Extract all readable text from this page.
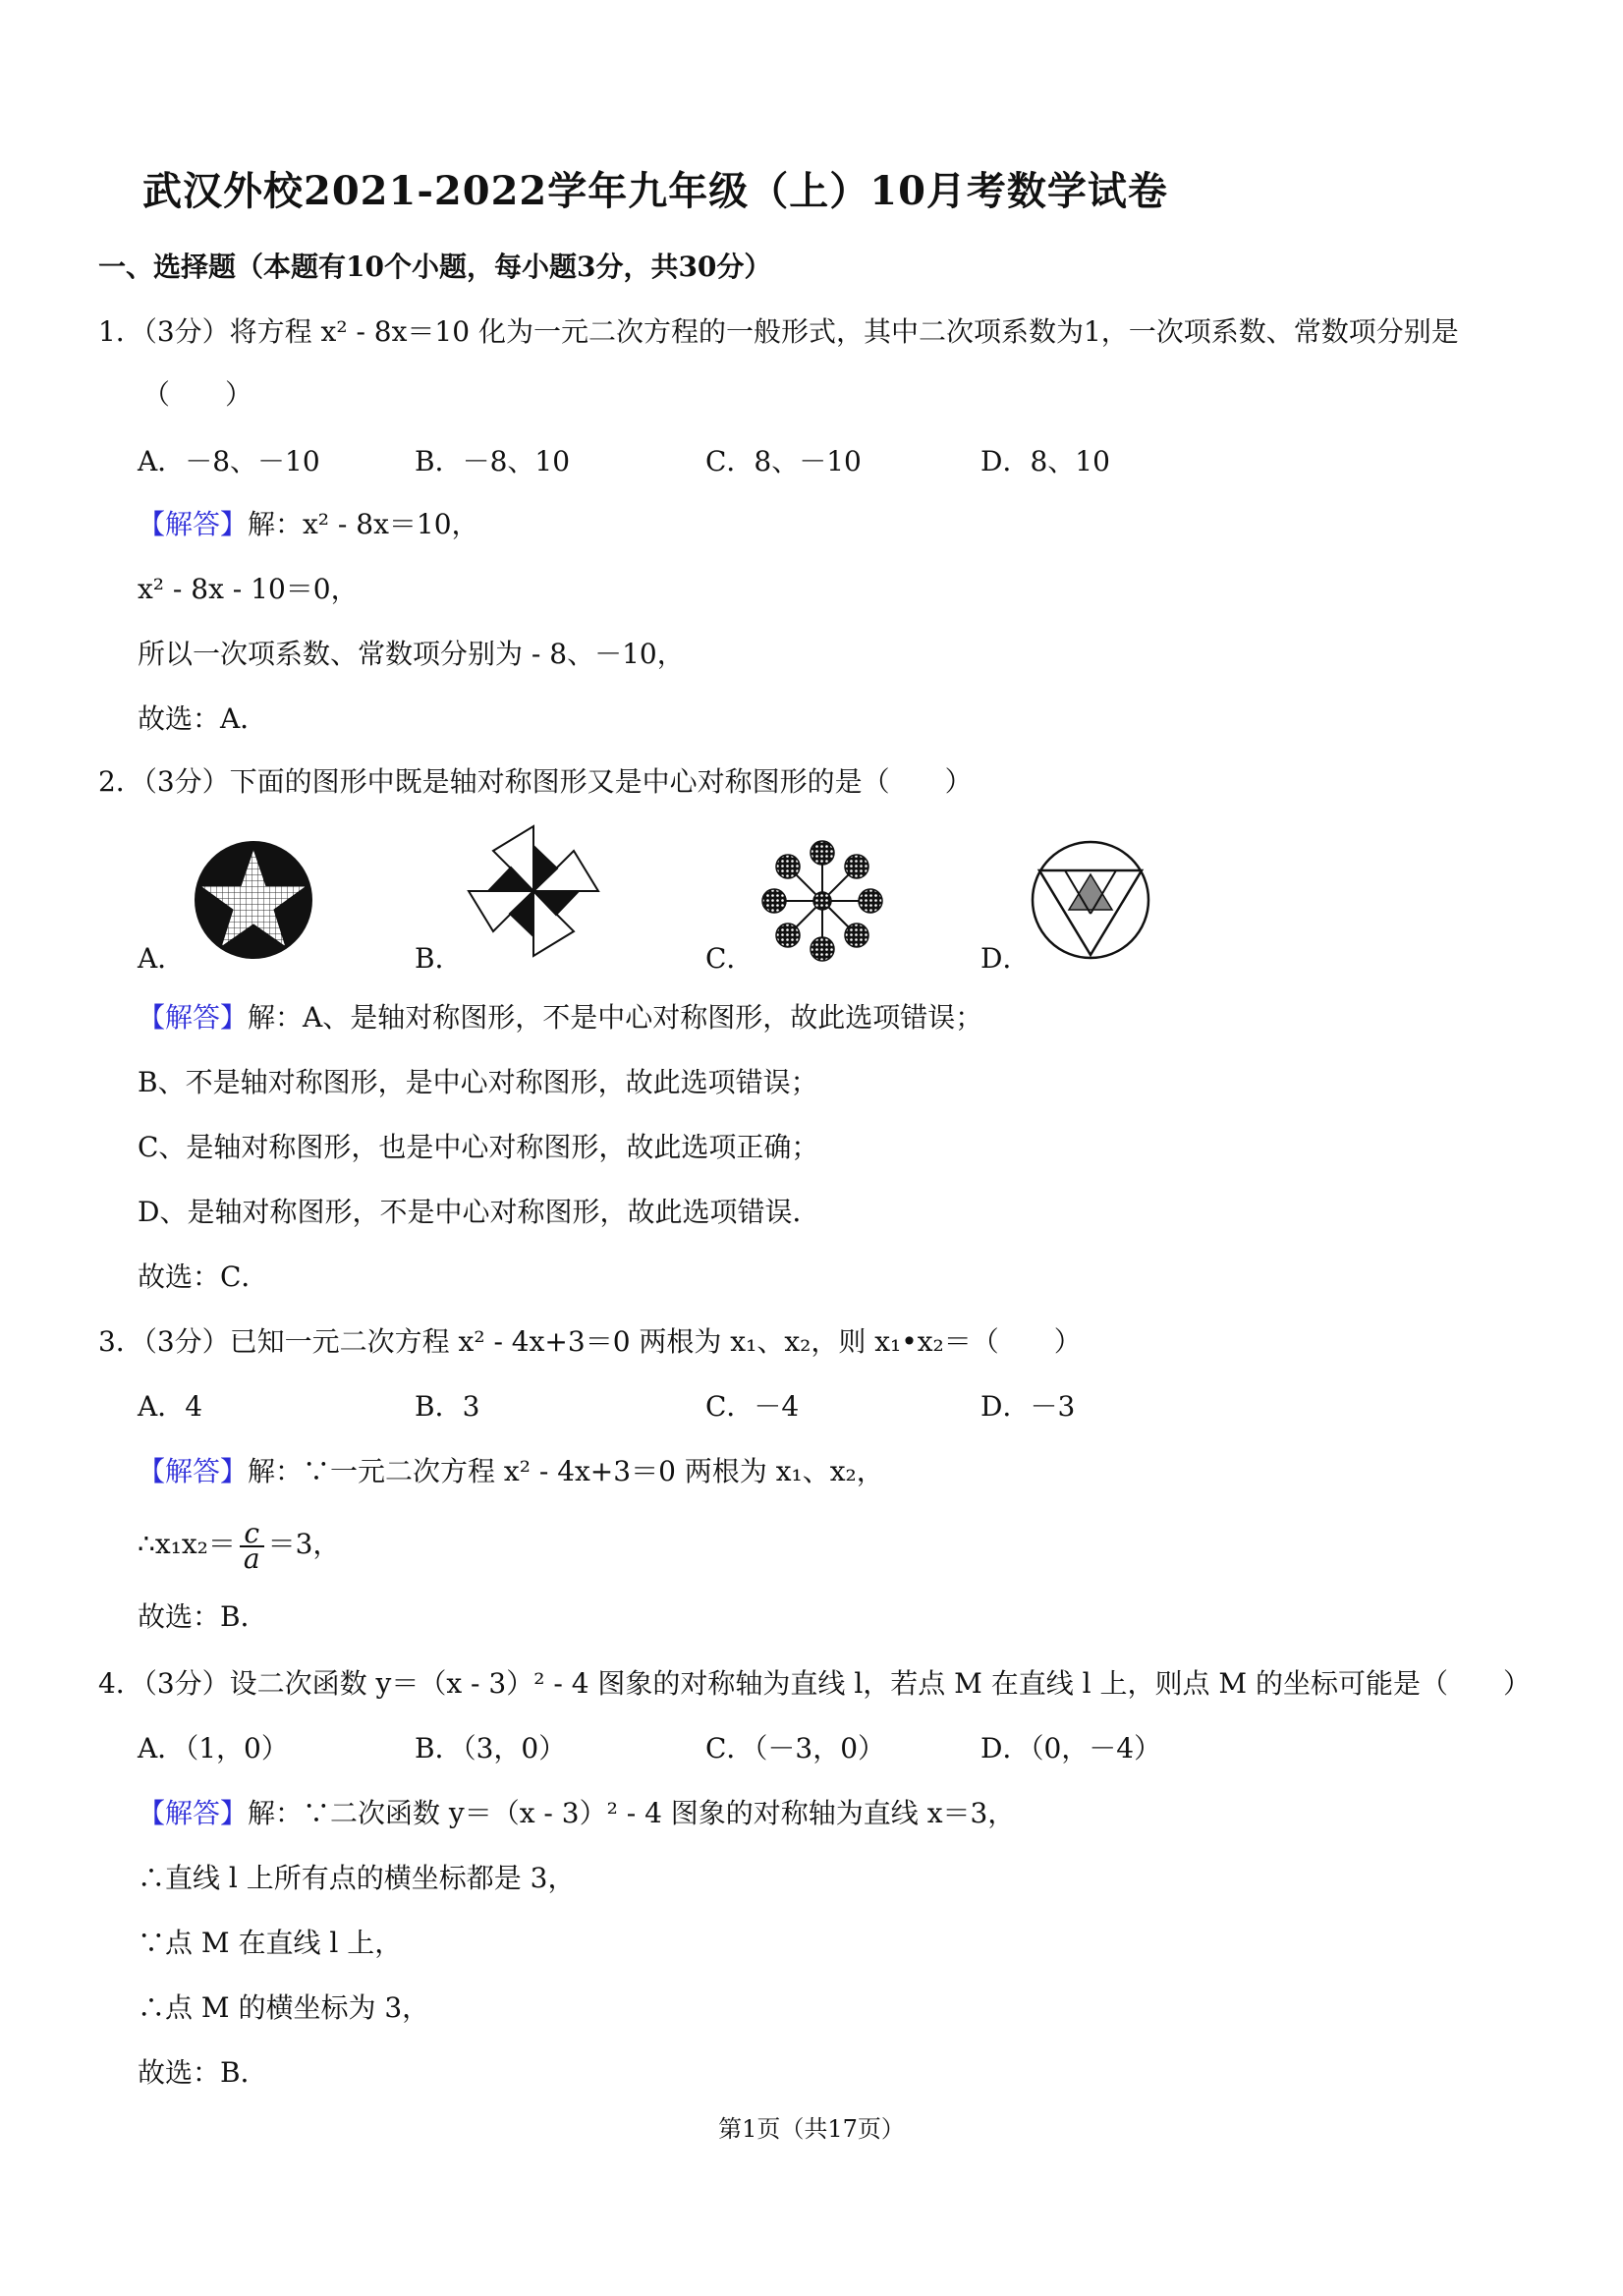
武汉外校2021-2022学年九年级（上）10月考数学试卷
一、选择题（本题有10个小题，每小题3分，共30分）
1．（3分）将方程 x² - 8x＝10 化为一元二次方程的一般形式，其中二次项系数为1，一次项系数、常数项分别是
（　　）
A．－8、－10	B．－8、10	C．8、－10	D．8、10
【解答】解：x² - 8x＝10，
x² - 8x - 10＝0，
所以一次项系数、常数项分别为 - 8、－10，
故选：A．
2．（3分）下面的图形中既是轴对称图形又是中心对称图形的是（　　）
A．	B．	C．	D．
【解答】解：A、是轴对称图形，不是中心对称图形，故此选项错误；
B、不是轴对称图形，是中心对称图形，故此选项错误；
C、是轴对称图形，也是中心对称图形，故此选项正确；
D、是轴对称图形，不是中心对称图形，故此选项错误．
故选：C．
3．（3分）已知一元二次方程 x² - 4x+3＝0 两根为 x₁、x₂，则 x₁•x₂＝（　　）
A．4	B．3	C．－4	D．－3
【解答】解：∵一元二次方程 x² - 4x+3＝0 两根为 x₁、x₂，
∴x₁x₂＝ $\frac{c}{a} =3$，
故选：B．
4．（3分）设二次函数 y＝（x - 3）² - 4 图象的对称轴为直线 l，若点 M 在直线 l 上，则点 M 的坐标可能是（　　）
A．（1，0）	B．（3，0）	C．（－3，0）	D．（0，－4）
【解答】解：∵二次函数 y＝（x - 3）² - 4 图象的对称轴为直线 x＝3，
∴直线 l 上所有点的横坐标都是 3，
∵点 M 在直线 l 上，
∴点 M 的横坐标为 3，
故选：B．
第1页（共17页）
